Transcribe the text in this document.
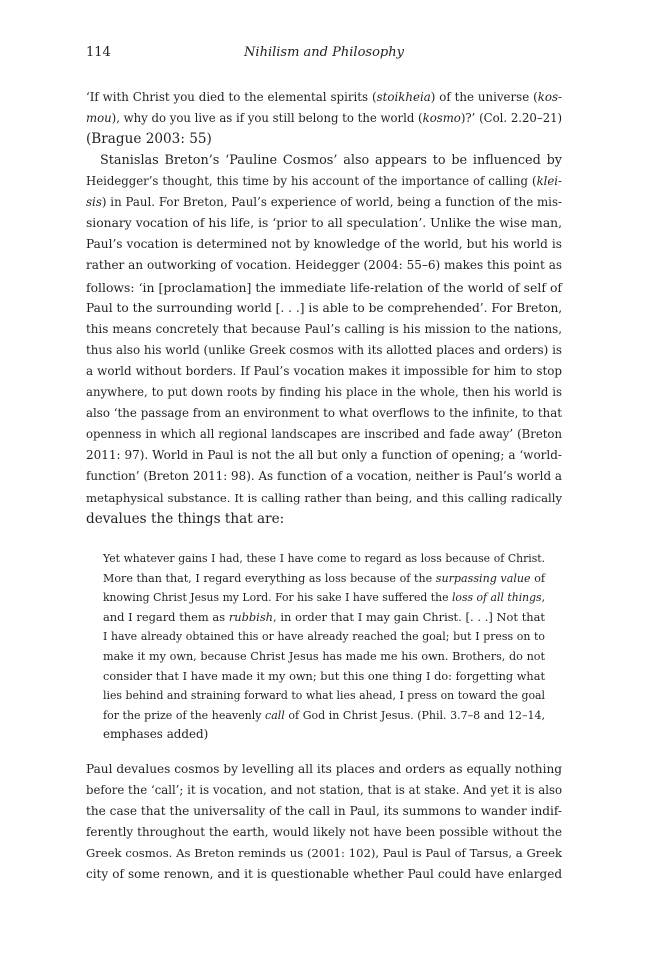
114	Nihilism and Philosophy
‘If with Christ you died to the elemental spirits (stoikheia) of the universe (kos-
mou), why do you live as if you still belong to the world (kosmo)?’ (Col. 2.20–21)
(Brague 2003: 55)
Stanislas Breton’s ‘Pauline Cosmos’ also appears to be influenced by
Heidegger’s thought, this time by his account of the importance of calling (klei-
sis) in Paul. For Breton, Paul’s experience of world, being a function of the mis-
sionary vocation of his life, is ‘prior to all speculation’. Unlike the wise man,
Paul’s vocation is determined not by knowledge of the world, but his world is
rather an outworking of vocation. Heidegger (2004: 55–6) makes this point as
follows: ‘in [proclamation] the immediate life-relation of the world of self of
Paul to the surrounding world [. . .] is able to be comprehended’. For Breton,
this means concretely that because Paul’s calling is his mission to the nations,
thus also his world (unlike Greek cosmos with its allotted places and orders) is
a world without borders. If Paul’s vocation makes it impossible for him to stop
anywhere, to put down roots by finding his place in the whole, then his world is
also ‘the passage from an environment to what overflows to the infinite, to that
openness in which all regional landscapes are inscribed and fade away’ (Breton
2011: 97). World in Paul is not the all but only a function of opening; a ‘world-
function’ (Breton 2011: 98). As function of a vocation, neither is Paul’s world a
metaphysical substance. It is calling rather than being, and this calling radically
devalues the things that are:
Yet whatever gains I had, these I have come to regard as loss because of Christ.
More than that, I regard everything as loss because of the surpassing value of
knowing Christ Jesus my Lord. For his sake I have suffered the loss of all things,
and I regard them as rubbish, in order that I may gain Christ. [. . .] Not that
I have already obtained this or have already reached the goal; but I press on to
make it my own, because Christ Jesus has made me his own. Brothers, do not
consider that I have made it my own; but this one thing I do: forgetting what
lies behind and straining forward to what lies ahead, I press on toward the goal
for the prize of the heavenly call of God in Christ Jesus. (Phil. 3.7–8 and 12–14,
emphases added)
Paul devalues cosmos by levelling all its places and orders as equally nothing
before the ‘call’; it is vocation, and not station, that is at stake. And yet it is also
the case that the universality of the call in Paul, its summons to wander indif-
ferently throughout the earth, would likely not have been possible without the
Greek cosmos. As Breton reminds us (2001: 102), Paul is Paul of Tarsus, a Greek
city of some renown, and it is questionable whether Paul could have enlarged
